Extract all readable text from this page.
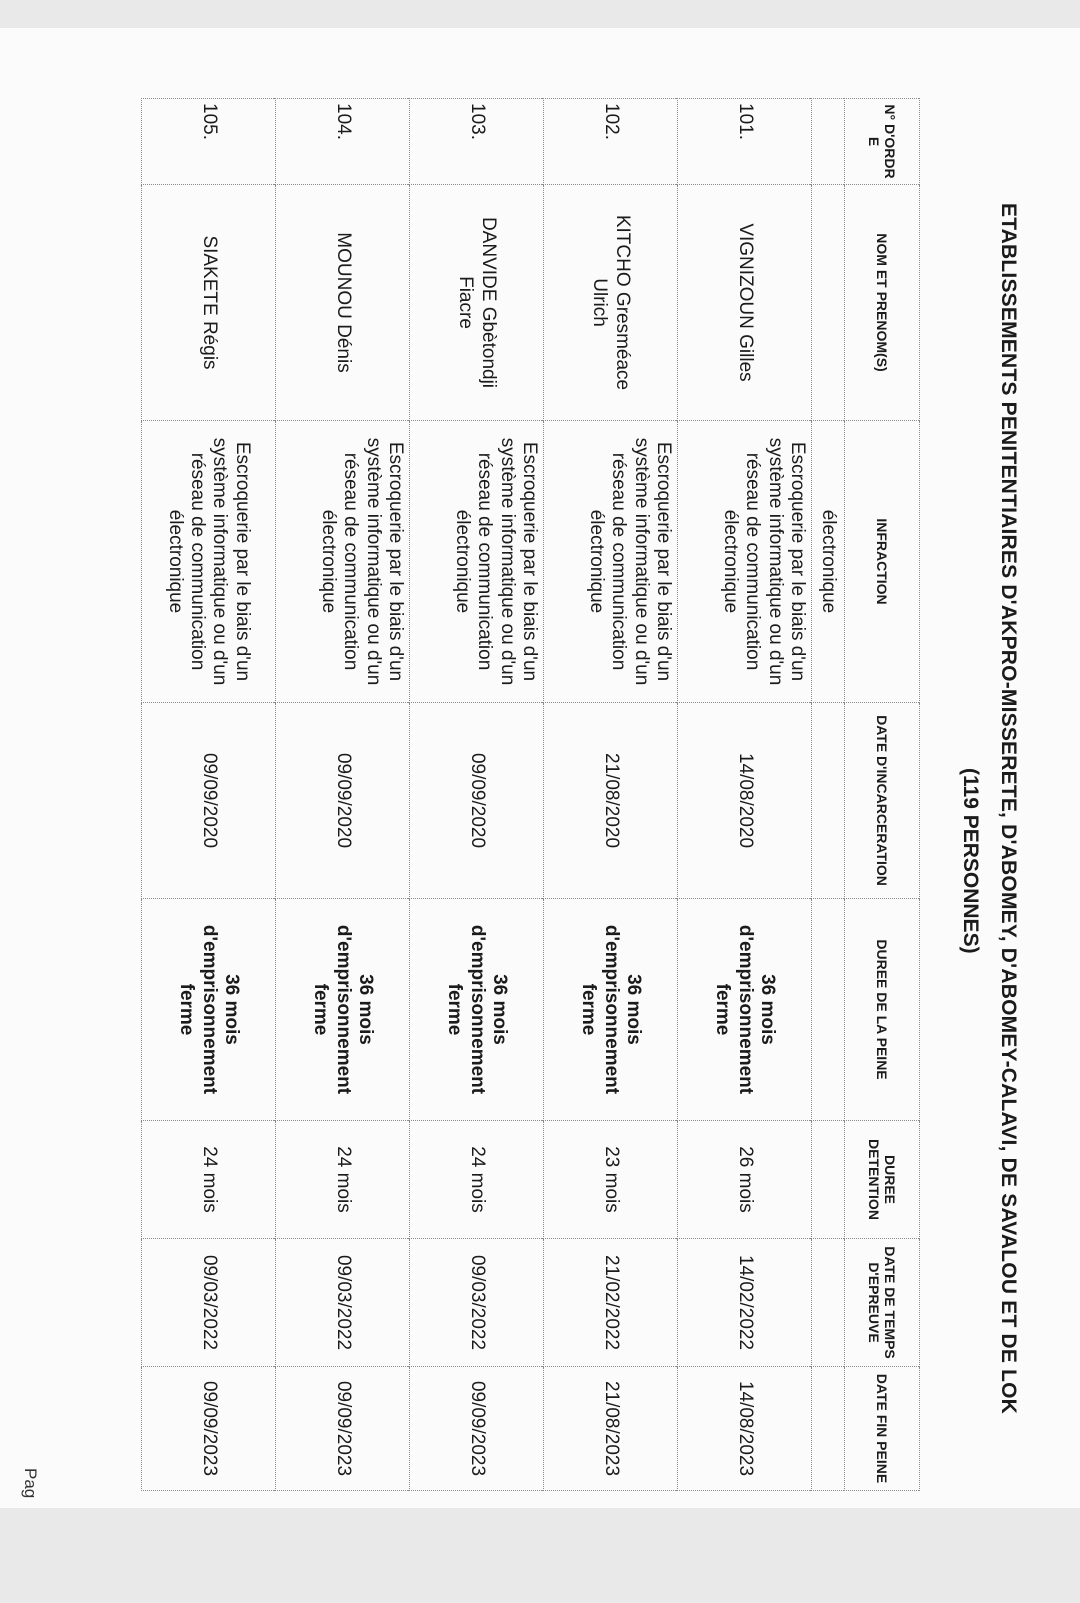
ETABLISSEMENTS PENITENTIAIRES D'AKPRO-MISSERETE, D'ABOMEY, D'ABOMEY-CALAVI, DE SAVALOU ET DE LOK
(119 PERSONNES)
N° D'ORDR E	NOM ET PRENOM(S)	INFRACTION	DATE D'INCARCERATION	DUREE DE LA PEINE	DUREE DETENTION	DATE DE TEMPS D'EPREUVE	DATE FIN PEINE
		électronique					
101.	VIGNIZOUN Gilles	Escroquerie par le biais d'un système informatique ou d'un réseau de communication électronique	14/08/2020	36 mois d'emprisonnement ferme	26 mois	14/02/2022	14/08/2023
102.	KITCHO Gresméace Ulrich	Escroquerie par le biais d'un système informatique ou d'un réseau de communication électronique	21/08/2020	36 mois d'emprisonnement ferme	23 mois	21/02/2022	21/08/2023
103.	DANVIDE Gbètondji Fiacre	Escroquerie par le biais d'un système informatique ou d'un réseau de communication électronique	09/09/2020	36 mois d'emprisonnement ferme	24 mois	09/03/2022	09/09/2023
104.	MOUNOU Dénis	Escroquerie par le biais d'un système informatique ou d'un réseau de communication électronique	09/09/2020	36 mois d'emprisonnement ferme	24 mois	09/03/2022	09/09/2023
105.	SIAKETE Régis	Escroquerie par le biais d'un système informatique ou d'un réseau de communication électronique	09/09/2020	36 mois d'emprisonnement ferme	24 mois	09/03/2022	09/09/2023
Pag
